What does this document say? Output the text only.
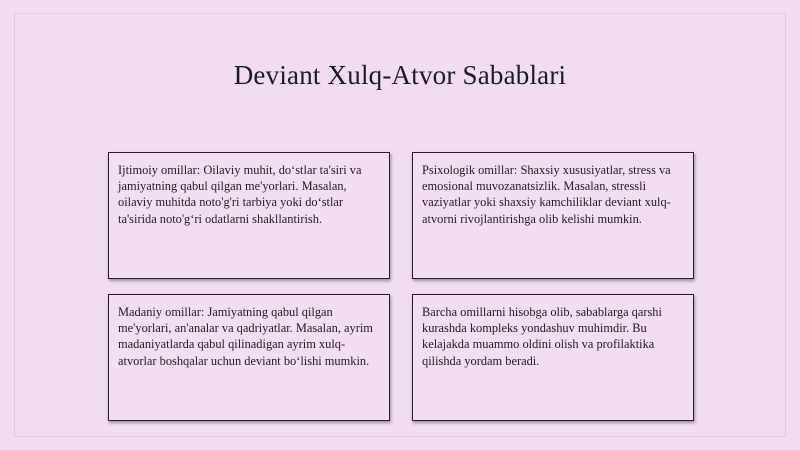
Deviant Xulq-Atvor Sabablari
Ijtimoiy omillar: Oilaviy muhit, do‘stlar ta'siri va jamiyatning qabul qilgan me'yorlari. Masalan, oilaviy muhitda noto'g'ri tarbiya yoki do‘stlar ta'sirida noto'g‘ri odatlarni shakllantirish.
Psixologik omillar: Shaxsiy xususiyatlar, stress va emosional muvozanatsizlik. Masalan, stressli vaziyatlar yoki shaxsiy kamchiliklar deviant xulq-atvorni rivojlantirishga olib kelishi mumkin.
Madaniy omillar: Jamiyatning qabul qilgan me'yorlari, an'analar va qadriyatlar. Masalan, ayrim madaniyatlarda qabul qilinadigan ayrim xulq-atvorlar boshqalar uchun deviant bo‘lishi mumkin.
Barcha omillarni hisobga olib, sabablarga qarshi kurashda kompleks yondashuv muhimdir. Bu kelajakda muammo oldini olish va profilaktika qilishda yordam beradi.
